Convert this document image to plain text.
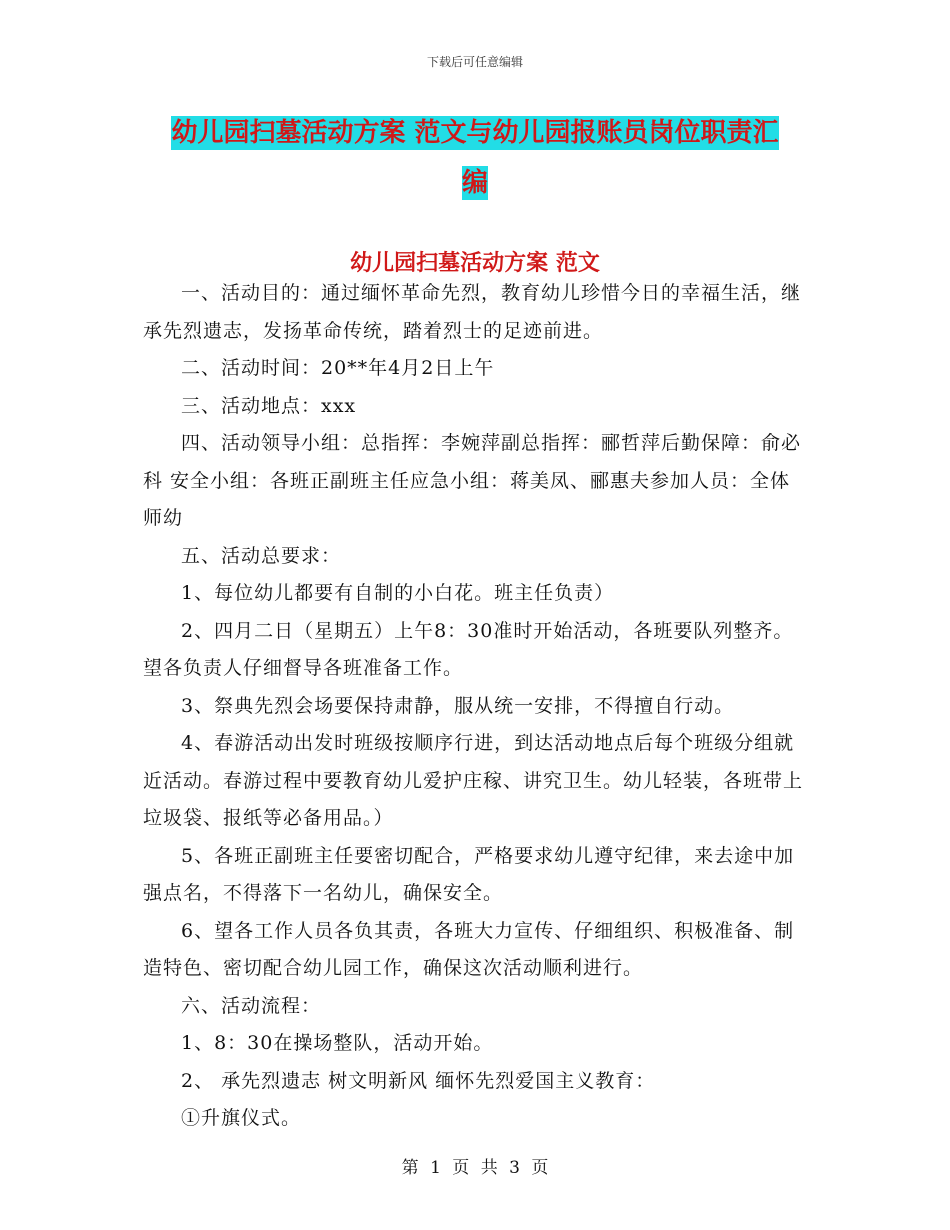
下载后可任意编辑
幼儿园扫墓活动方案 范文与幼儿园报账员岗位职责汇
编
幼儿园扫墓活动方案 范文

一、活动目的：通过缅怀革命先烈，教育幼儿珍惜今日的幸福生活，继承先烈遗志，发扬革命传统，踏着烈士的足迹前进。

二、活动时间：20**年4月2日上午

三、活动地点：xxx

四、活动领导小组：总指挥：李婉萍副总指挥：郦哲萍后勤保障：俞必科 安全小组：各班正副班主任应急小组：蒋美凤、郦惠夫参加人员：全体师幼

五、活动总要求：

1、每位幼儿都要有自制的小白花。班主任负责）

2、四月二日（星期五）上午8：30准时开始活动，各班要队列整齐。望各负责人仔细督导各班准备工作。

3、祭典先烈会场要保持肃静，服从统一安排，不得擅自行动。

4、春游活动出发时班级按顺序行进，到达活动地点后每个班级分组就近活动。春游过程中要教育幼儿爱护庄稼、讲究卫生。幼儿轻装，各班带上垃圾袋、报纸等必备用品。）

5、各班正副班主任要密切配合，严格要求幼儿遵守纪律，来去途中加强点名，不得落下一名幼儿，确保安全。

6、望各工作人员各负其责，各班大力宣传、仔细组织、积极准备、制造特色、密切配合幼儿园工作，确保这次活动顺利进行。

六、活动流程：

1、8：30在操场整队，活动开始。

2、 承先烈遗志 树文明新风 缅怀先烈爱国主义教育：

①升旗仪式。

第 1 页 共 3 页
